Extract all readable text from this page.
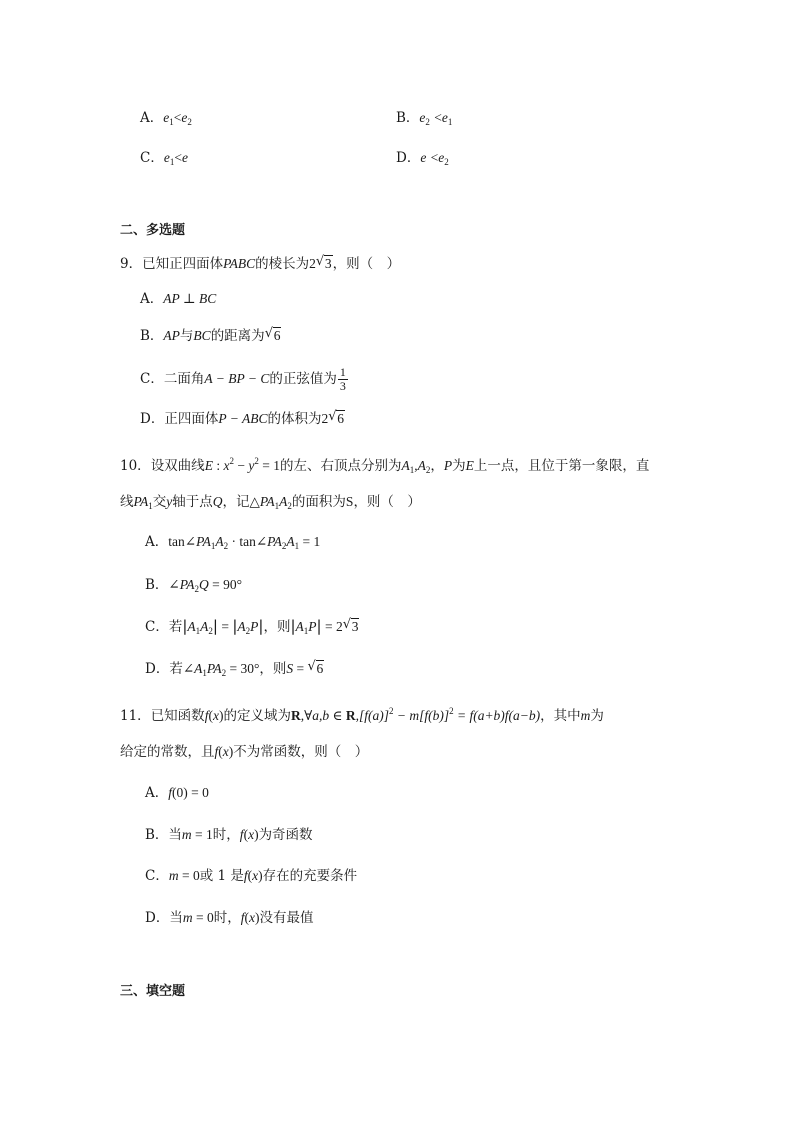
A．$e_1<e_2$	B．$e_2 <e_1$
C．$e_1<e$	D．$e <e_2$
二、多选题
9．已知正四面体PABC的棱长为2√ 3，则（　）
A．AP ⊥ BC
B．AP与BC的距离为√ 6
C．二面角A − BP − C的正弦值为 $\frac{1}{3}$
D．正四面体P − ABC的体积为2√ 6
10．设双曲线E : $x^2 - y^2 = 1$的左、右顶点分别为$A_1,A_2$，P为E上一点，且位于第一象限，直
线$PA_1$交y轴于点Q，记$\triangle PA_1A_2$的面积为S，则（　）
A．$\tan\angle PA_1A_2$ · $\tan\angle PA_2A_1 = 1$
B．$\angle PA_2Q = 90^\circ$
C．若$|A_1A_2| = |A_2P|$，则$|A_1P| = 2√$ 3
D．若$\angle A_1PA_2 = 30^\circ$，则S = √ 6
11．已知函数f(x)的定义域为R,∀a,b ∈ $R,[f(a)]^2 - m[f(b)]^2 = f(a+b)f(a-b)$，其中m为
给定的常数，且f(x)不为常函数，则（　）
A．f(0) = 0
B．当m = 1时，f(x)为奇函数
C．m = 0或 1 是f(x)存在的充要条件
D．当m = 0时，f(x)没有最值
三、填空题
